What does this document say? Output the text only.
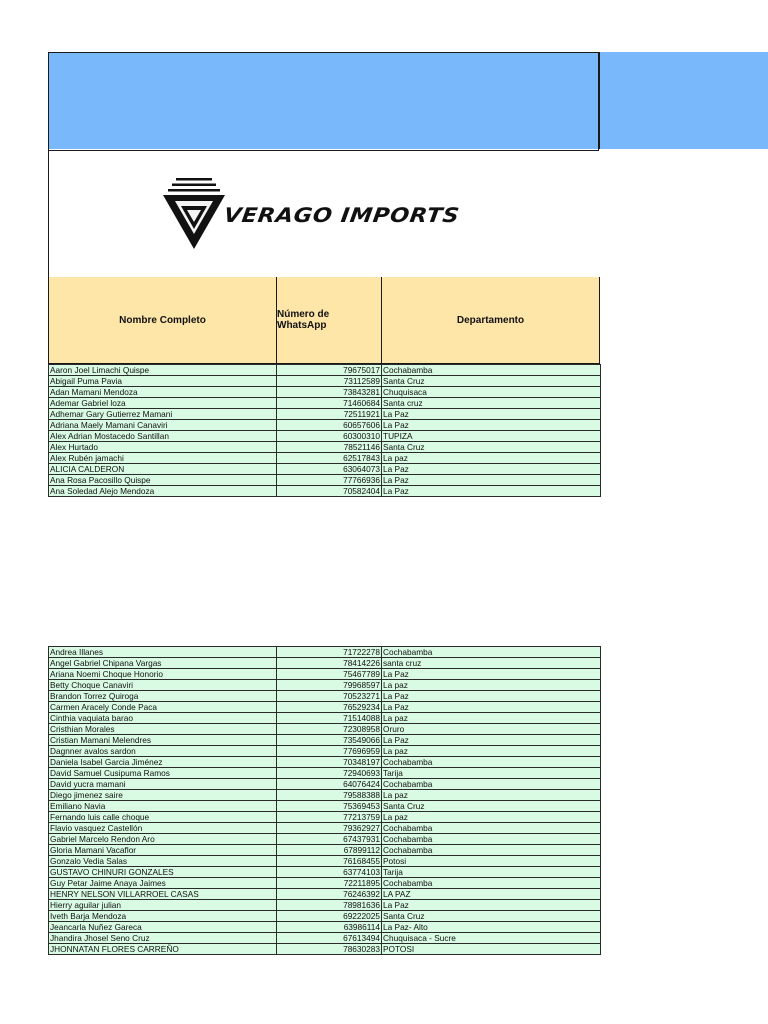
VERAGO IMPORTS
Nombre Completo	Número de WhatsApp	Departamento
Aaron Joel Limachi Quispe	79675017	Cochabamba
Abigail Puma Pavia	73112589	Santa Cruz
Adan Mamani Mendoza	73843281	Chuquisaca
Ademar Gabriel loza	71460684	Santa cruz
Adhemar Gary Gutierrez Mamani	72511921	La Paz
Adriana Maely Mamani Canaviri	60657606	La Paz
Alex Adrian Mostacedo Santillan	60300310	TUPIZA
Alex Hurtado	78521146	Santa Cruz
Alex Rubén jamachi	62517843	La paz
ALICIA CALDERON	63064073	La Paz
Ana Rosa Pacosillo Quispe	77766936	La Paz
Ana Soledad Alejo Mendoza	70582404	La Paz
Andrea Illanes	71722278	Cochabamba
Angel Gabriel Chipana Vargas	78414226	santa cruz
Ariana Noemi Choque Honorio	75467789	La Paz
Betty Choque Canaviri	79968597	La paz
Brandon Torrez Quiroga	70523271	La Paz
Carmen Aracely Conde Paca	76529234	La Paz
Cinthia vaquiata barao	71514088	La paz
Cristhian Morales	72308958	Oruro
Cristian Mamani Melendres	73549066	La Paz
Dagnner avalos sardon	77696959	La paz
Daniela Isabel Garcia Jiménez	70348197	Cochabamba
David Samuel Cusipuma Ramos	72940693	Tarija
David yucra mamani	64076424	Cochabamba
Diego jimenez saire	79588388	La paz
Emiliano Navia	75369453	Santa Cruz
Fernando luis calle choque	77213759	La paz
Flavio vasquez Castellón	79362927	Cochabamba
Gabriel Marcelo Rendon Aro	67437931	Cochabamba
Gloria Mamani Vacaflor	67899112	Cochabamba
Gonzalo Vedia Salas	76168455	Potosi
GUSTAVO CHINURI GONZALES	63774103	Tarija
Guy Petar Jaime Anaya Jaimes	72211895	Cochabamba
HENRY NELSON VILLARROEL CASAS	76246392	LA PAZ
Hierry aguilar julian	78981636	La Paz
Iveth Barja Mendoza	69222025	Santa Cruz
Jeancarla Nuñez Gareca	63986114	La Paz- Alto
Jhandira Jhosel Seno Cruz	67613494	Chuquisaca - Sucre
JHONNATAN FLORES CARREÑO	78630283	POTOSI
